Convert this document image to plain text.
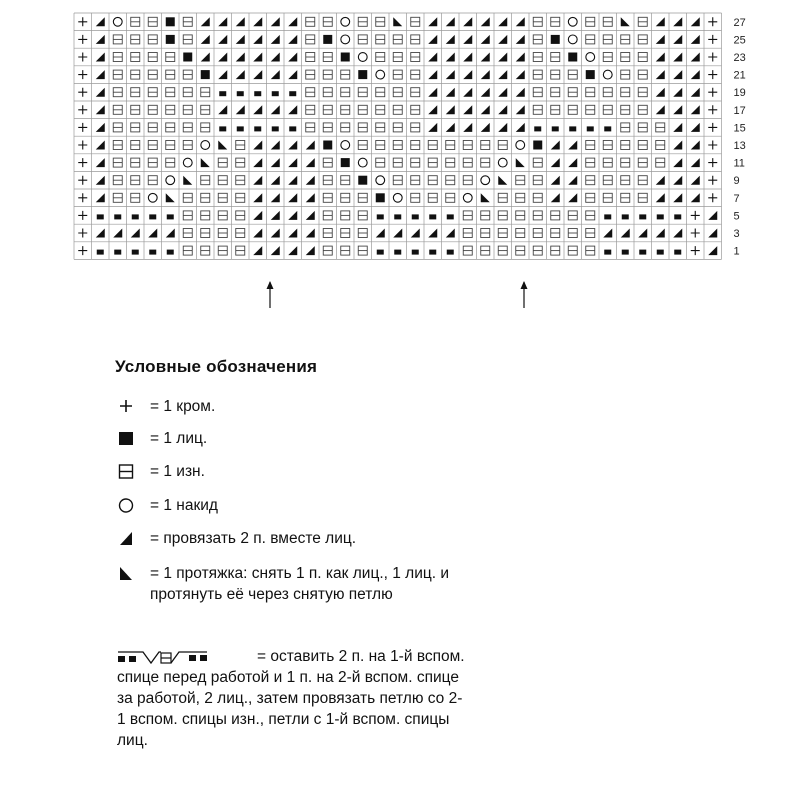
27
25
23
21
19
17
15
13
11
9
7
5
3
1
Условные обозначения
= 1 кром.
= 1 лиц.
= 1 изн.
= 1 накид
= провязать 2 п. вместе лиц.
= 1 протяжка: снять 1 п. как лиц., 1 лиц. и протянуть её через снятую петлю
= оставить 2 п. на 1-й вспом. спице перед работой и 1 п. на 2-й вспом. спице за работой, 2 лиц., затем провязать петлю со 2-1 вспом. спицы изн., петли с 1-й вспом. спицы лиц.
